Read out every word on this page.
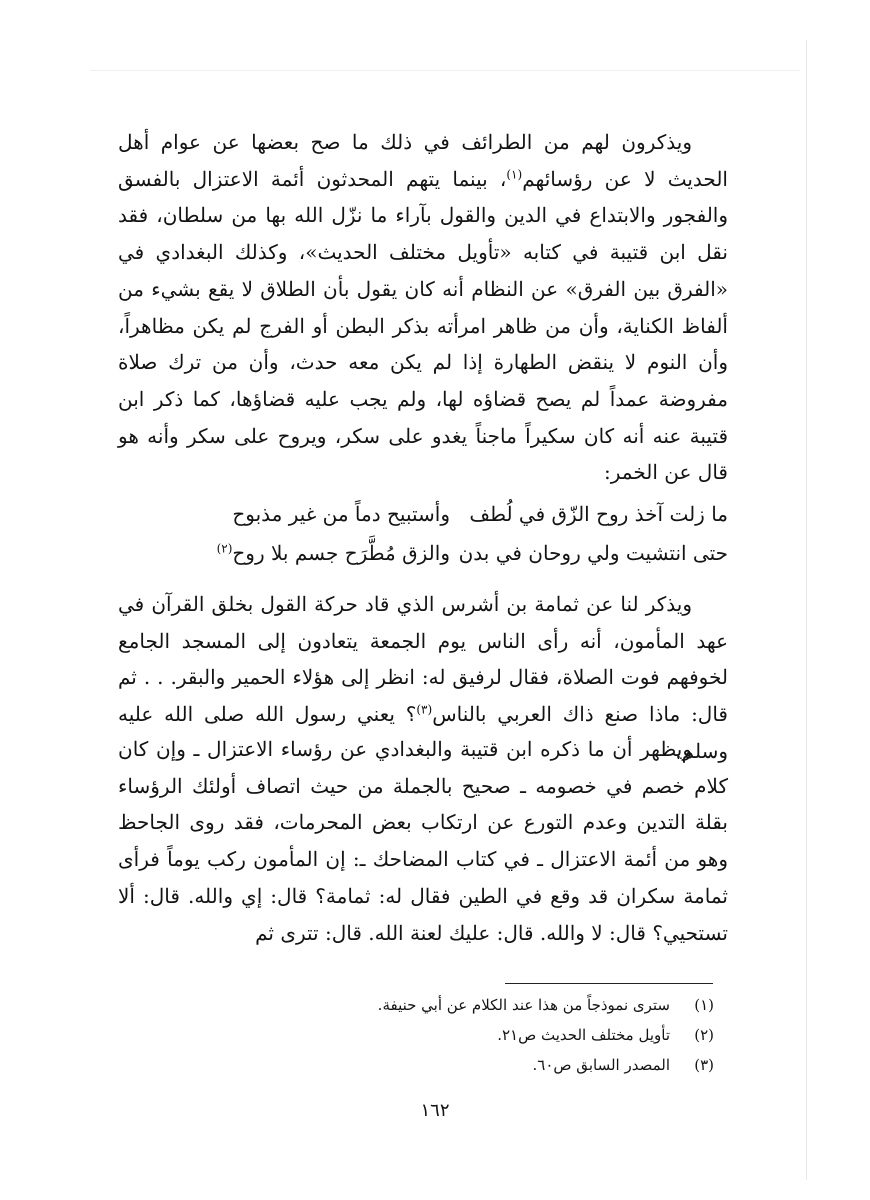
ويذكرون لهم من الطرائف في ذلك ما صح بعضها عن عوام أهل الحديث لا عن رؤسائهم$^{(١)}$، بينما يتهم المحدثون أئمة الاعتزال بالفسق والفجور والابتداع في الدين والقول بآراء ما نزّل الله بها من سلطان، فقد نقل ابن قتيبة في كتابه «تأويل مختلف الحديث»، وكذلك البغدادي في «الفرق بين الفرق» عن النظام أنه كان يقول بأن الطلاق لا يقع بشيء من ألفاظ الكناية، وأن من ظاهر امرأته بذكر البطن أو الفرج لم يكن مظاهراً، وأن النوم لا ينقض الطهارة إذا لم يكن معه حدث، وأن من ترك صلاة مفروضة عمداً لم يصح قضاؤه لها، ولم يجب عليه قضاؤها، كما ذكر ابن قتيبة عنه أنه كان سكيراً ماجناً يغدو على سكر، ويروح على سكر وأنه هو قال عن الخمر:

ما زلت آخذ روح الزّق في لُطف
وأستبيح دماً من غير مذبوح
حتى انتشيت ولي روحان في بدن
والزق مُطَّرَح جسم بلا روح$^{(٢)}$

ويذكر لنا عن ثمامة بن أشرس الذي قاد حركة القول بخلق القرآن في عهد المأمون، أنه رأى الناس يوم الجمعة يتعادون إلى المسجد الجامع لخوفهم فوت الصلاة، فقال لرفيق له: انظر إلى هؤلاء الحمير والبقر. . . ثم قال: ماذا صنع ذاك العربي بالناس$^{(٣)}$؟ يعني رسول الله صلى الله عليه وسلم.

ويظهر أن ما ذكره ابن قتيبة والبغدادي عن رؤساء الاعتزال ـ وإن كان كلام خصم في خصومه ـ صحيح بالجملة من حيث اتصاف أولئك الرؤساء بقلة التدين وعدم التورع عن ارتكاب بعض المحرمات، فقد روى الجاحظ وهو من أئمة الاعتزال ـ في كتاب المضاحك ـ: إن المأمون ركب يوماً فرأى ثمامة سكران قد وقع في الطين فقال له: ثمامة؟ قال: إي والله. قال: ألا تستحيي؟ قال: لا والله. قال: عليك لعنة الله. قال: تترى ثم

(١)سترى نموذجاً من هذا عند الكلام عن أبي حنيفة.
(٢)تأويل مختلف الحديث ص٢١.
(٣)المصدر السابق ص٦٠.
١٦٢
